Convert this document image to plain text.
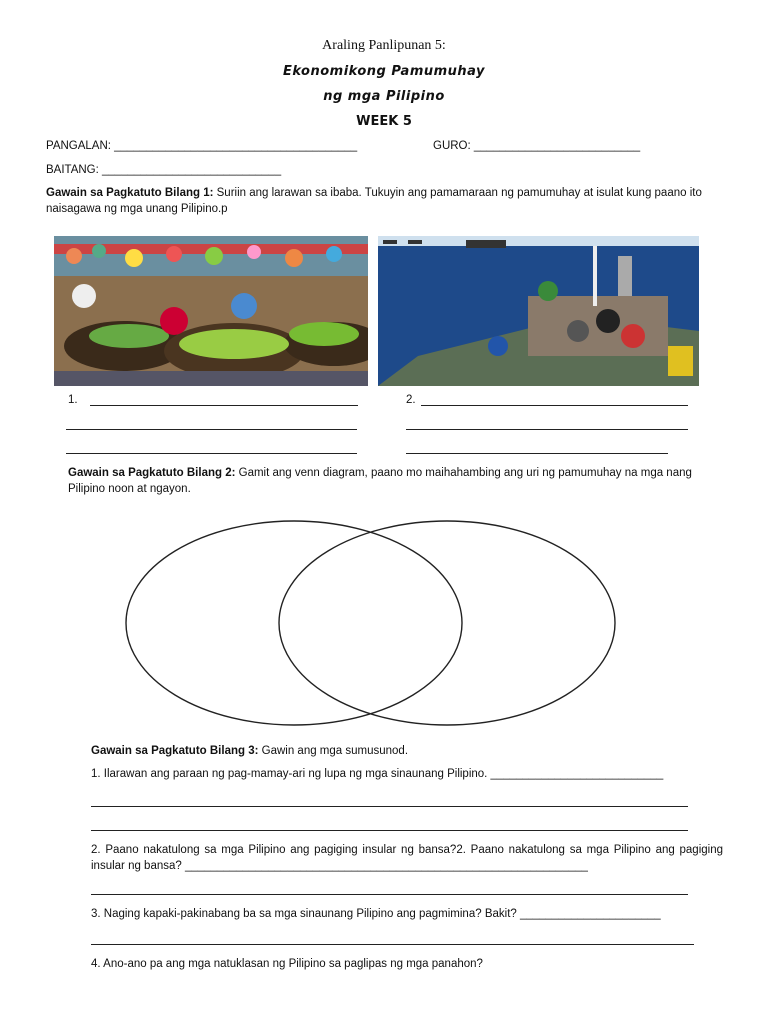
Araling Panlipunan 5:
Ekonomikong Pamumuhay
ng mga Pilipino
WEEK 5
PANGALAN: ______________________________________	GURO: __________________________
BAITANG: ____________________________
Gawain sa Pagkatuto Bilang 1: Suriin ang larawan sa ibaba. Tukuyin ang pamamaraan ng pamumuhay at isulat kung paano ito naisagawa ng mga unang Pilipino.p
1.	2.
Gawain sa Pagkatuto Bilang 2: Gamit ang venn diagram, paano mo maihahambing ang uri ng pamumuhay na mga nang Pilipino noon at ngayon.
Gawain sa Pagkatuto Bilang 3: Gawin ang mga sumusunod.
1. Ilarawan ang paraan ng pag-mamay-ari ng lupa ng mga sinaunang Pilipino. ___________________________
2. Paano nakatulong sa mga Pilipino ang pagiging insular ng bansa?2. Paano nakatulong sa mga Pilipino ang pagiging insular ng bansa? _______________________________________________________________
3. Naging kapaki-pakinabang ba sa mga sinaunang Pilipino ang pagmimina? Bakit? ______________________
4. Ano-ano pa ang mga natuklasan ng Pilipino sa paglipas ng mga panahon?
